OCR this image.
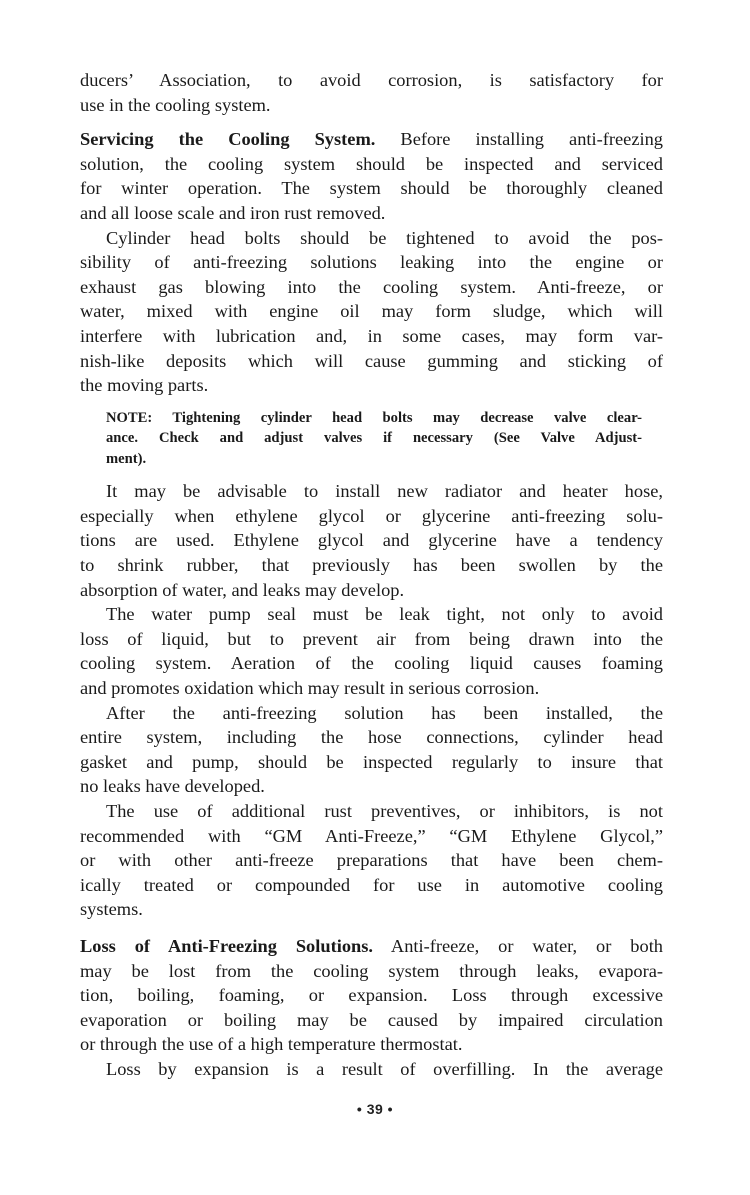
ducers’ Association, to avoid corrosion, is satisfactory for
use in the cooling system.

Servicing the Cooling System. Before installing anti-freezing
solution, the cooling system should be inspected and serviced
for winter operation. The system should be thoroughly cleaned
and all loose scale and iron rust removed.

Cylinder head bolts should be tightened to avoid the pos-
sibility of anti-freezing solutions leaking into the engine or
exhaust gas blowing into the cooling system. Anti-freeze, or
water, mixed with engine oil may form sludge, which will
interfere with lubrication and, in some cases, may form var-
nish-like deposits which will cause gumming and sticking of
the moving parts.

NOTE: Tightening cylinder head bolts may decrease valve clear-
ance. Check and adjust valves if necessary (See Valve Adjust-
ment).

It may be advisable to install new radiator and heater hose,
especially when ethylene glycol or glycerine anti-freezing solu-
tions are used. Ethylene glycol and glycerine have a tendency
to shrink rubber, that previously has been swollen by the
absorption of water, and leaks may develop.

The water pump seal must be leak tight, not only to avoid
loss of liquid, but to prevent air from being drawn into the
cooling system. Aeration of the cooling liquid causes foaming
and promotes oxidation which may result in serious corrosion.

After the anti-freezing solution has been installed, the
entire system, including the hose connections, cylinder head
gasket and pump, should be inspected regularly to insure that
no leaks have developed.

The use of additional rust preventives, or inhibitors, is not
recommended with “GM Anti-Freeze,” “GM Ethylene Glycol,”
or with other anti-freeze preparations that have been chem-
ically treated or compounded for use in automotive cooling
systems.

Loss of Anti-Freezing Solutions. Anti-freeze, or water, or both
may be lost from the cooling system through leaks, evapora-
tion, boiling, foaming, or expansion. Loss through excessive
evaporation or boiling may be caused by impaired circulation
or through the use of a high temperature thermostat.

Loss by expansion is a result of overfilling. In the average

• 39 •
